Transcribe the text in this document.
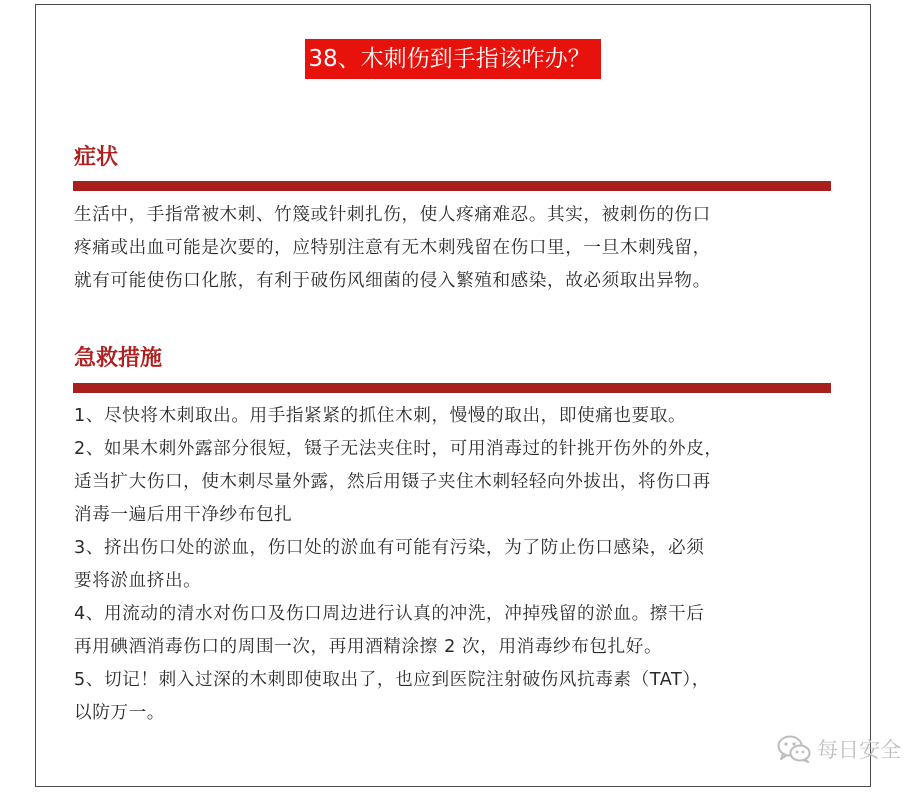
38、木刺伤到手指该咋办？
症状

生活中，手指常被木刺、竹篾或针刺扎伤，使人疼痛难忍。其实，被刺伤的伤口

疼痛或出血可能是次要的，应特别注意有无木刺残留在伤口里，一旦木刺残留，

就有可能使伤口化脓，有利于破伤风细菌的侵入繁殖和感染，故必须取出异物。

急救措施

1、尽快将木刺取出。用手指紧紧的抓住木刺，慢慢的取出，即使痛也要取。

2、如果木刺外露部分很短，镊子无法夹住时，可用消毒过的针挑开伤外的外皮，

适当扩大伤口，使木刺尽量外露，然后用镊子夹住木刺轻轻向外拔出，将伤口再

消毒一遍后用干净纱布包扎

3、挤出伤口处的淤血，伤口处的淤血有可能有污染，为了防止伤口感染，必须

要将淤血挤出。

4、用流动的清水对伤口及伤口周边进行认真的冲洗，冲掉残留的淤血。擦干后

再用碘酒消毒伤口的周围一次，再用酒精涂擦 2 次，用消毒纱布包扎好。

5、切记！刺入过深的木刺即使取出了，也应到医院注射破伤风抗毒素（TAT），

以防万一。

每日安全
